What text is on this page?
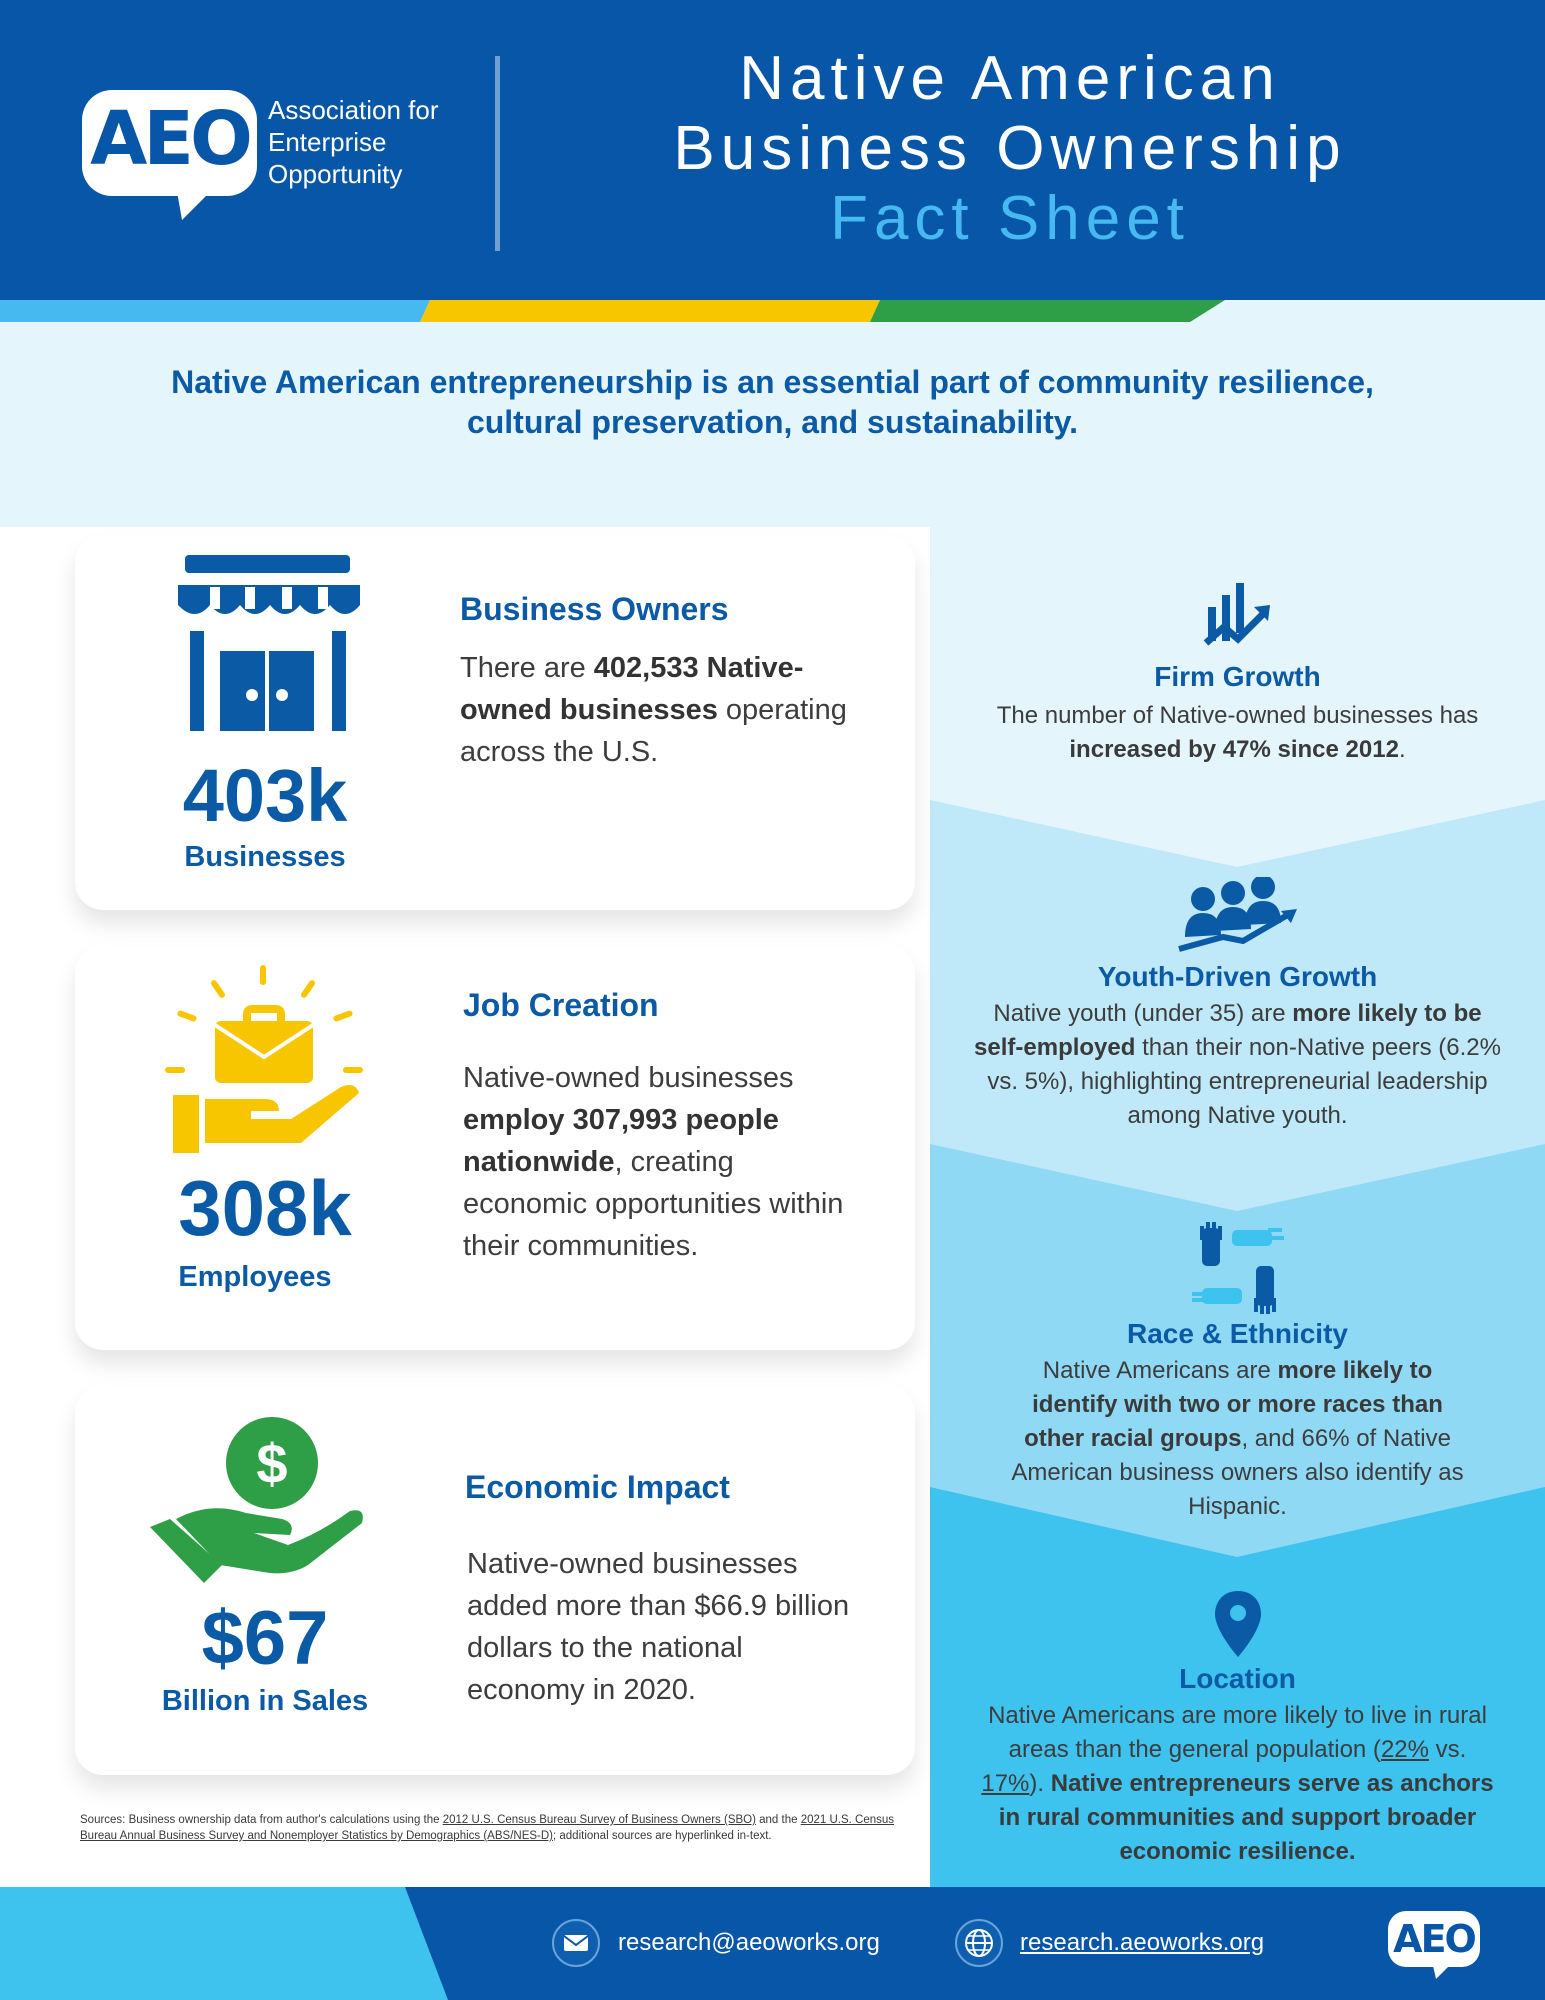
AEO Association for
Enterprise
Opportunity
Native American
Business Ownership
Fact Sheet
Native American entrepreneurship is an essential part of community resilience,
cultural preservation, and sustainability.
Firm Growth
The number of Native-owned businesses has increased by 47% since 2012.
Youth-Driven Growth
Native youth (under 35) are more likely to be self-employed than their non-Native peers (6.2% vs. 5%), highlighting entrepreneurial leadership among Native youth.
Race & Ethnicity
Native Americans are more likely to identify with two or more races than other racial groups, and 66% of Native American business owners also identify as Hispanic.
Location
Native Americans are more likely to live in rural areas than the general population (22% vs. 17%). Native entrepreneurs serve as anchors in rural communities and support broader economic resilience.
403k
Businesses
Business Owners
There are 402,533 Native-owned businesses operating across the U.S.
308k
Employees
Job Creation
Native-owned businesses employ 307,993 people nationwide, creating economic opportunities within their communities.
$
$67
Billion in Sales
Economic Impact
Native-owned businesses added more than $66.9 billion dollars to the national economy in 2020.
Sources: Business ownership data from author's calculations using the 2012 U.S. Census Bureau Survey of Business Owners (SBO) and the 2021 U.S. Census Bureau Annual Business Survey and Nonemployer Statistics by Demographics (ABS/NES-D); additional sources are hyperlinked in-text.
research@aeoworks.org	research.aeoworks.org	AEO
